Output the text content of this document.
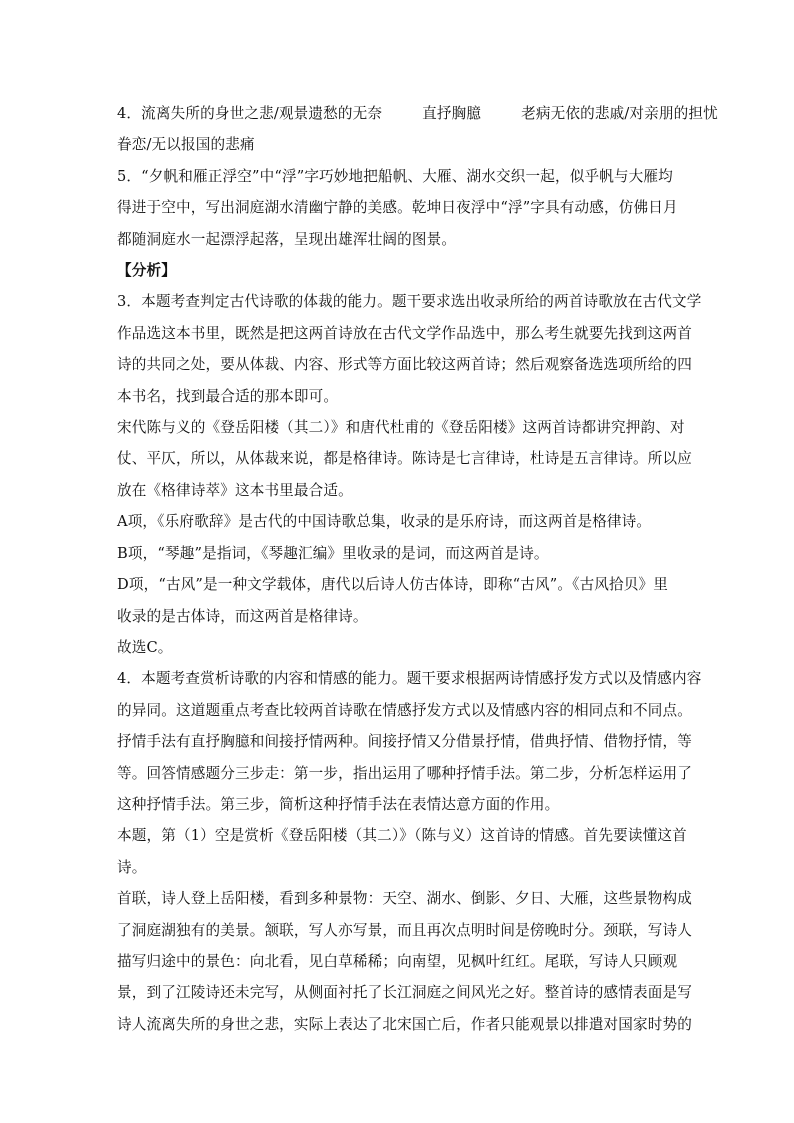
4．流离失所的身世之悲/观景遗愁的无奈	直抒胸臆	老病无依的悲戚/对亲朋的担忧
眷恋/无以报国的悲痛
5．“夕帆和雁正浮空”中“浮”字巧妙地把船帆、大雁、湖水交织一起，似乎帆与大雁均
得进于空中，写出洞庭湖水清幽宁静的美感。乾坤日夜浮中“浮”字具有动感，仿佛日月
都随洞庭水一起漂浮起落，呈现出雄浑壮阔的图景。
【分析】
3．本题考查判定古代诗歌的体裁的能力。题干要求选出收录所给的两首诗歌放在古代文学
作品选这本书里，既然是把这两首诗放在古代文学作品选中，那么考生就要先找到这两首
诗的共同之处，要从体裁、内容、形式等方面比较这两首诗；然后观察备选选项所给的四
本书名，找到最合适的那本即可。
宋代陈与义的《登岳阳楼（其二）》和唐代杜甫的《登岳阳楼》这两首诗都讲究押韵、对
仗、平仄，所以，从体裁来说，都是格律诗。陈诗是七言律诗，杜诗是五言律诗。所以应
放在《格律诗萃》这本书里最合适。
A项，《乐府歌辞》是古代的中国诗歌总集，收录的是乐府诗，而这两首是格律诗。
B项，“琴趣”是指词，《琴趣汇编》里收录的是词，而这两首是诗。
D项，“古风”是一种文学载体，唐代以后诗人仿古体诗，即称“古风”。《古风拾贝》里
收录的是古体诗，而这两首是格律诗。
故选C。
4．本题考查赏析诗歌的内容和情感的能力。题干要求根据两诗情感抒发方式以及情感内容
的异同。这道题重点考查比较两首诗歌在情感抒发方式以及情感内容的相同点和不同点。
抒情手法有直抒胸臆和间接抒情两种。间接抒情又分借景抒情，借典抒情、借物抒情，等
等。回答情感题分三步走：第一步，指出运用了哪种抒情手法。第二步，分析怎样运用了
这种抒情手法。第三步，简析这种抒情手法在表情达意方面的作用。
本题，第（1）空是赏析《登岳阳楼（其二）》（陈与义）这首诗的情感。首先要读懂这首
诗。
首联，诗人登上岳阳楼，看到多种景物：天空、湖水、倒影、夕日、大雁，这些景物构成
了洞庭湖独有的美景。颔联，写人亦写景，而且再次点明时间是傍晚时分。颈联，写诗人
描写归途中的景色：向北看，见白草稀稀；向南望，见枫叶红红。尾联，写诗人只顾观
景，到了江陵诗还未完写，从侧面衬托了长江洞庭之间风光之好。整首诗的感情表面是写
诗人流离失所的身世之悲，实际上表达了北宋国亡后，作者只能观景以排遣对国家时势的
